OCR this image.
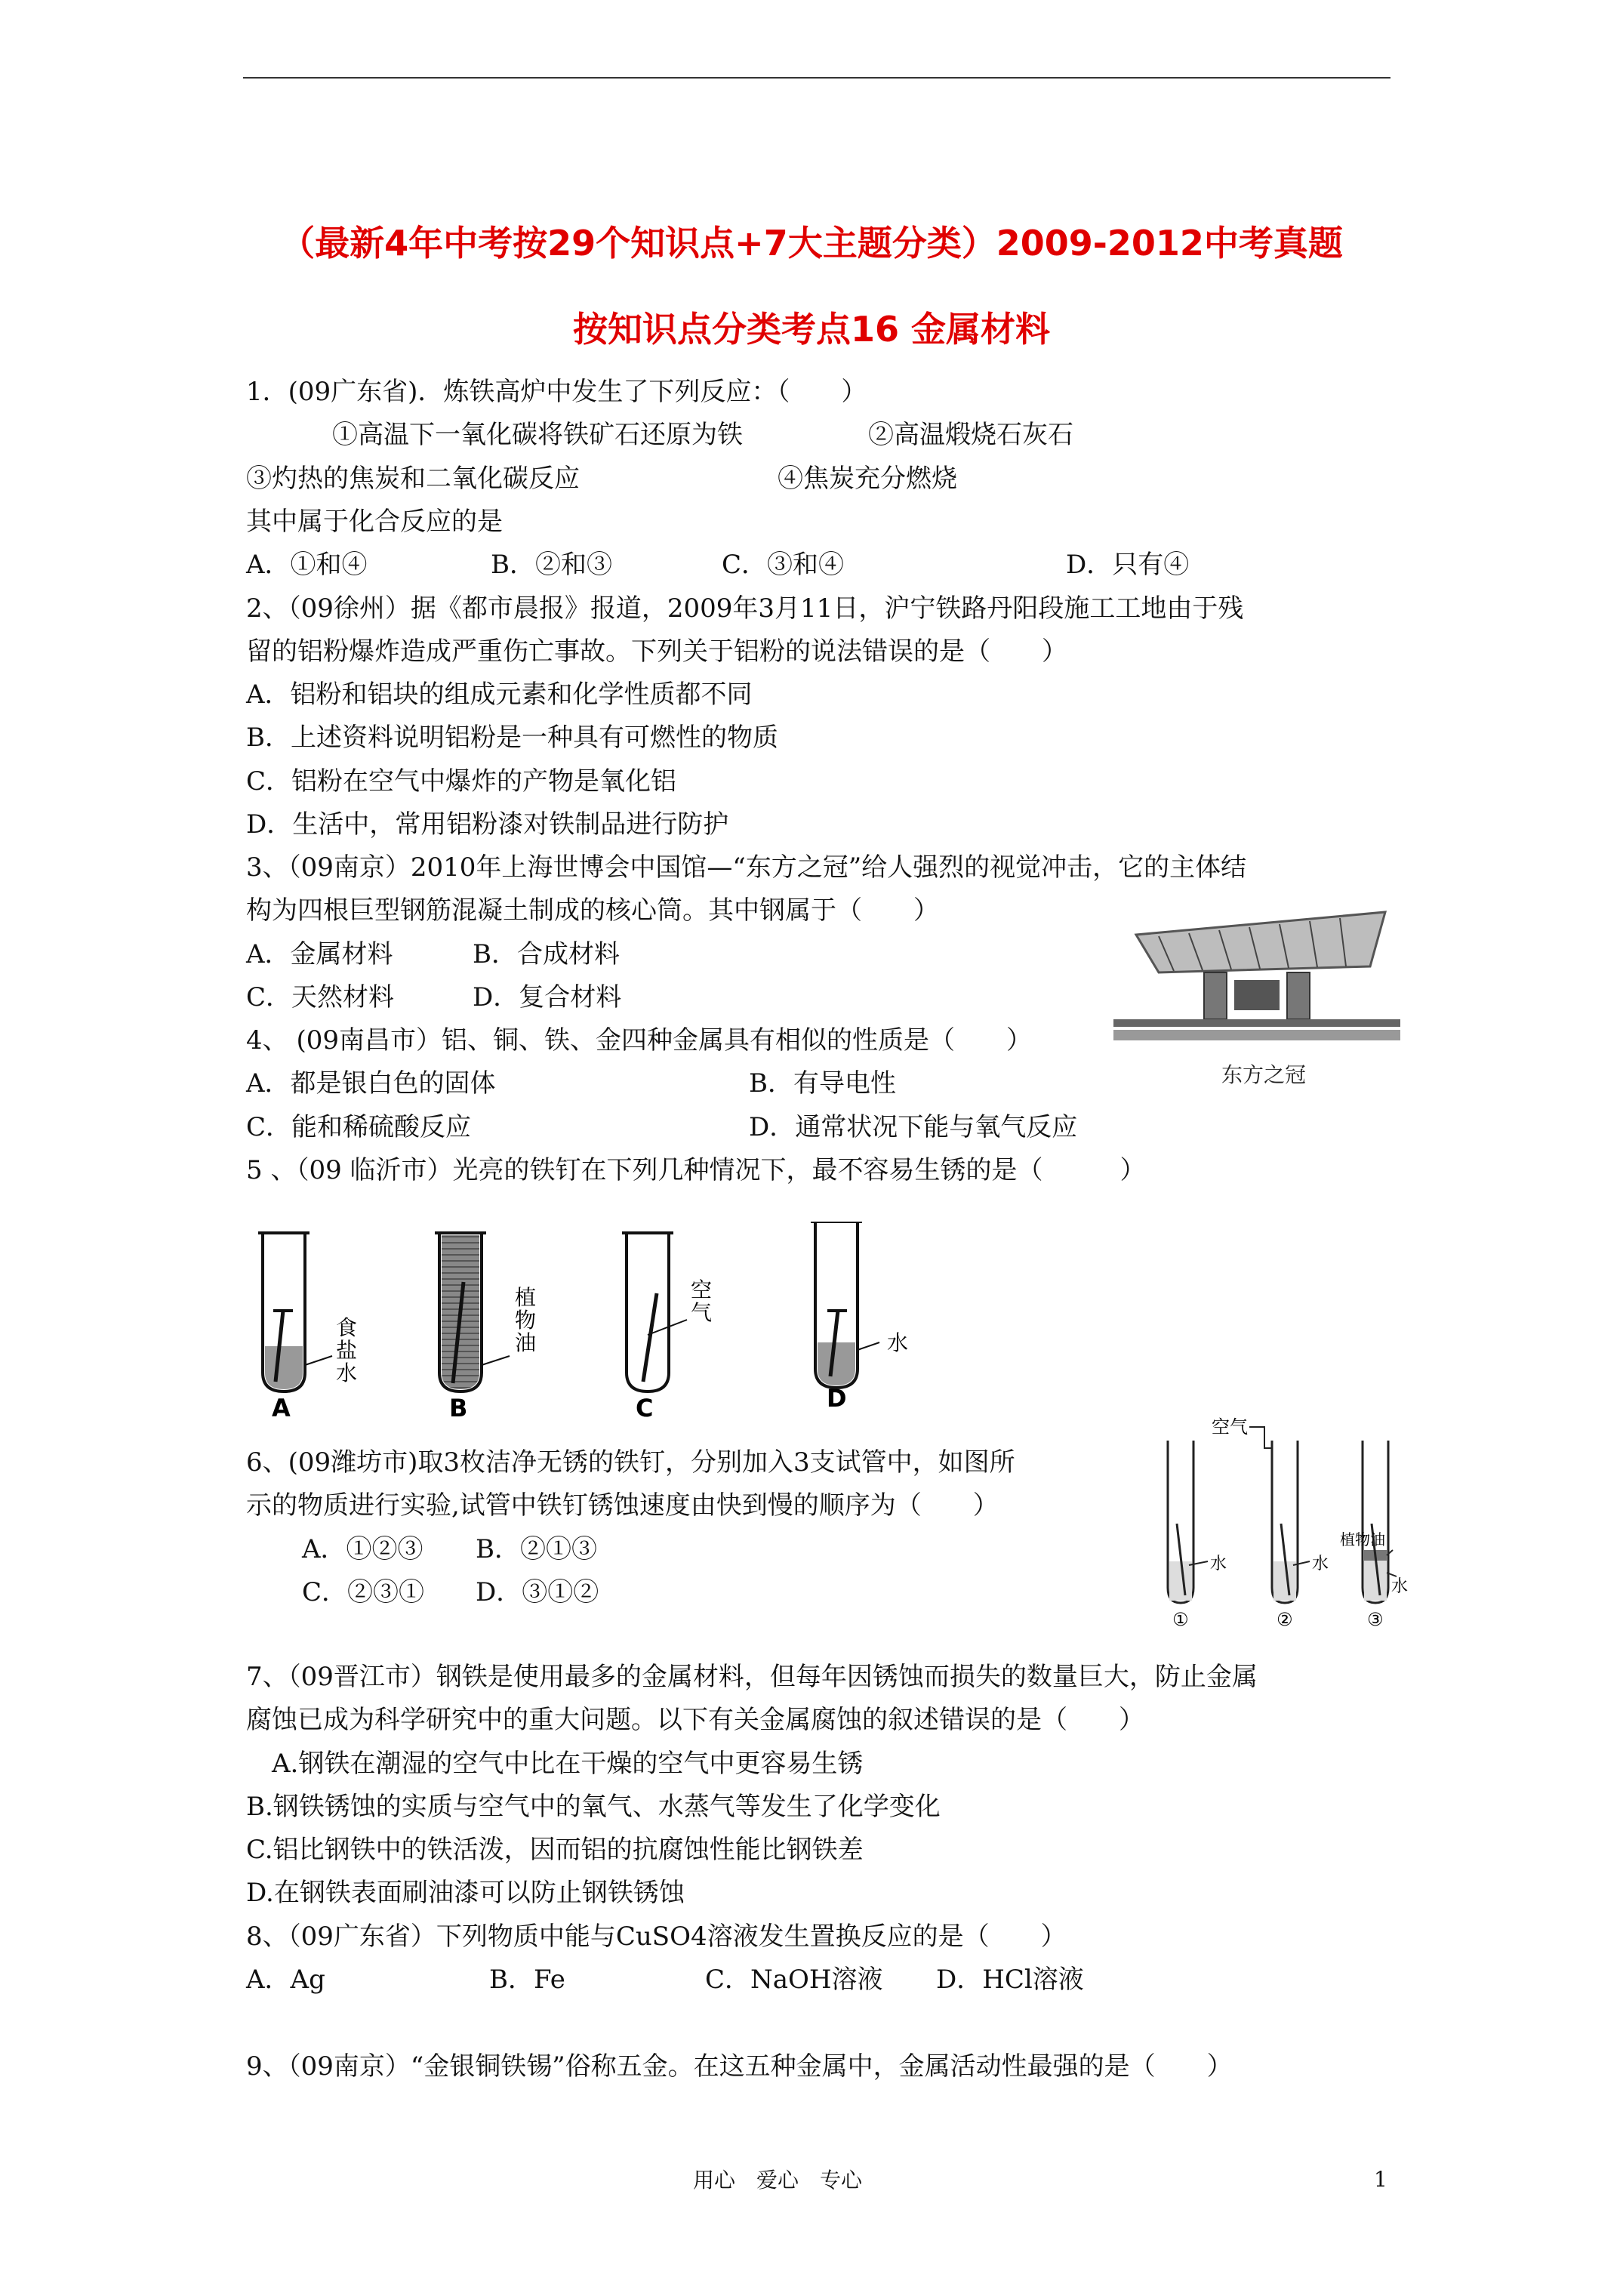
（最新4年中考按29个知识点+7大主题分类）2009-2012中考真题
按知识点分类考点16 金属材料
1．(09广东省)．炼铁高炉中发生了下列反应：（　　）
①高温下一氧化碳将铁矿石还原为铁	②高温煅烧石灰石
③灼热的焦炭和二氧化碳反应	④焦炭充分燃烧
其中属于化合反应的是
A．①和④	B．②和③	C．③和④	D．只有④
2、（09徐州）据《都市晨报》报道，2009年3月11日，沪宁铁路丹阳段施工工地由于残
留的铝粉爆炸造成严重伤亡事故。下列关于铝粉的说法错误的是（　　）
A．铝粉和铝块的组成元素和化学性质都不同
B．上述资料说明铝粉是一种具有可燃性的物质
C．铝粉在空气中爆炸的产物是氧化铝
D．生活中，常用铝粉漆对铁制品进行防护
3、（09南京）2010年上海世博会中国馆—“东方之冠”给人强烈的视觉冲击，它的主体结
构为四根巨型钢筋混凝土制成的核心筒。其中钢属于（　　）
A．金属材料	B．合成材料
C．天然材料	D．复合材料
东方之冠
4、 (09南昌市）铝、铜、铁、金四种金属具有相似的性质是（　　）
A．都是银白色的固体	B．有导电性
C．能和稀硫酸反应	D．通常状况下能与氧气反应
5 、（09 临沂市）光亮的铁钉在下列几种情况下，最不容易生锈的是（　　　）
食
盐
水
A
植
物
油
B
空
气
C
水
D
6、(09潍坊市)取3枚洁净无锈的铁钉，分别加入3支试管中，如图所
示的物质进行实验,试管中铁钉锈蚀速度由快到慢的顺序为（　　）
A．①②③ B．②①③
C．②③① D．③①②
空气
水
①
水
②
植物油
水
③
7、（09晋江市）钢铁是使用最多的金属材料，但每年因锈蚀而损失的数量巨大，防止金属
腐蚀已成为科学研究中的重大问题。以下有关金属腐蚀的叙述错误的是（　　）
A.钢铁在潮湿的空气中比在干燥的空气中更容易生锈
B.钢铁锈蚀的实质与空气中的氧气、水蒸气等发生了化学变化
C.铝比钢铁中的铁活泼，因而铝的抗腐蚀性能比钢铁差
D.在钢铁表面刷油漆可以防止钢铁锈蚀
8、（09广东省）下列物质中能与CuSO4溶液发生置换反应的是（　　）
A．Ag	B．Fe	C．NaOH溶液 D．HCl溶液
9、（09南京）“金银铜铁锡”俗称五金。在这五种金属中，金属活动性最强的是（　　）
用心　爱心　专心	1
